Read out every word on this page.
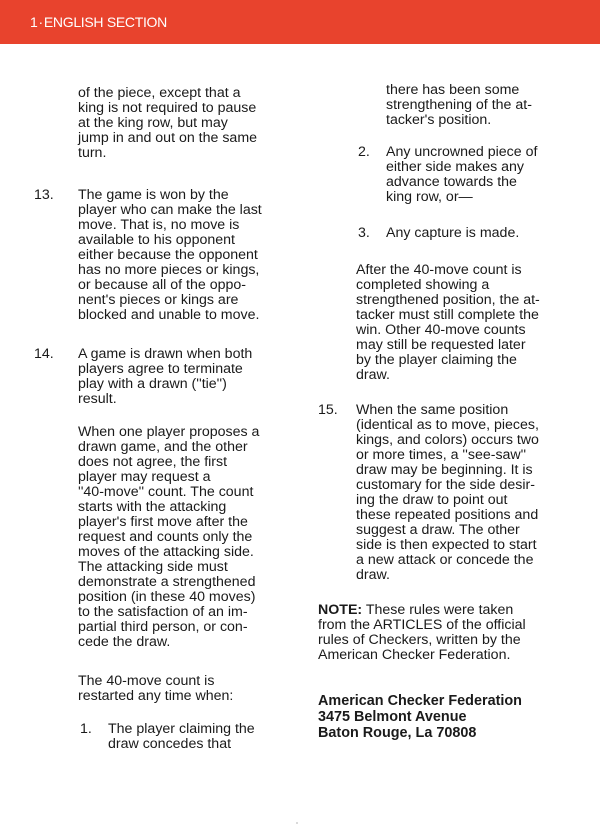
1·ENGLISH SECTION
of the piece, except that a
king is not required to pause
at the king row, but may
jump in and out on the same
turn.
13. The game is won by the
player who can make the last
move. That is, no move is
available to his opponent
either because the opponent
has no more pieces or kings,
or because all of the oppo-
nent's pieces or kings are
blocked and unable to move.
14. A game is drawn when both
players agree to terminate
play with a drawn (''tie'')
result.
When one player proposes a
drawn game, and the other
does not agree, the first
player may request a
''40-move'' count. The count
starts with the attacking
player's first move after the
request and counts only the
moves of the attacking side.
The attacking side must
demonstrate a strengthened
position (in these 40 moves)
to the satisfaction of an im-
partial third person, or con-
cede the draw.
The 40-move count is
restarted any time when:
1. The player claiming the
draw concedes that
there has been some
strengthening of the at-
tacker's position.
2. Any uncrowned piece of
either side makes any
advance towards the
king row, or—
3. Any capture is made.
After the 40-move count is
completed showing a
strengthened position, the at-
tacker must still complete the
win. Other 40-move counts
may still be requested later
by the player claiming the
draw.
15. When the same position
(identical as to move, pieces,
kings, and colors) occurs two
or more times, a ''see-saw''
draw may be beginning. It is
customary for the side desir-
ing the draw to point out
these repeated positions and
suggest a draw. The other
side is then expected to start
a new attack or concede the
draw.
NOTE: These rules were taken
from the ARTICLES of the official
rules of Checkers, written by the
American Checker Federation.
American Checker Federation
3475 Belmont Avenue
Baton Rouge, La 70808
